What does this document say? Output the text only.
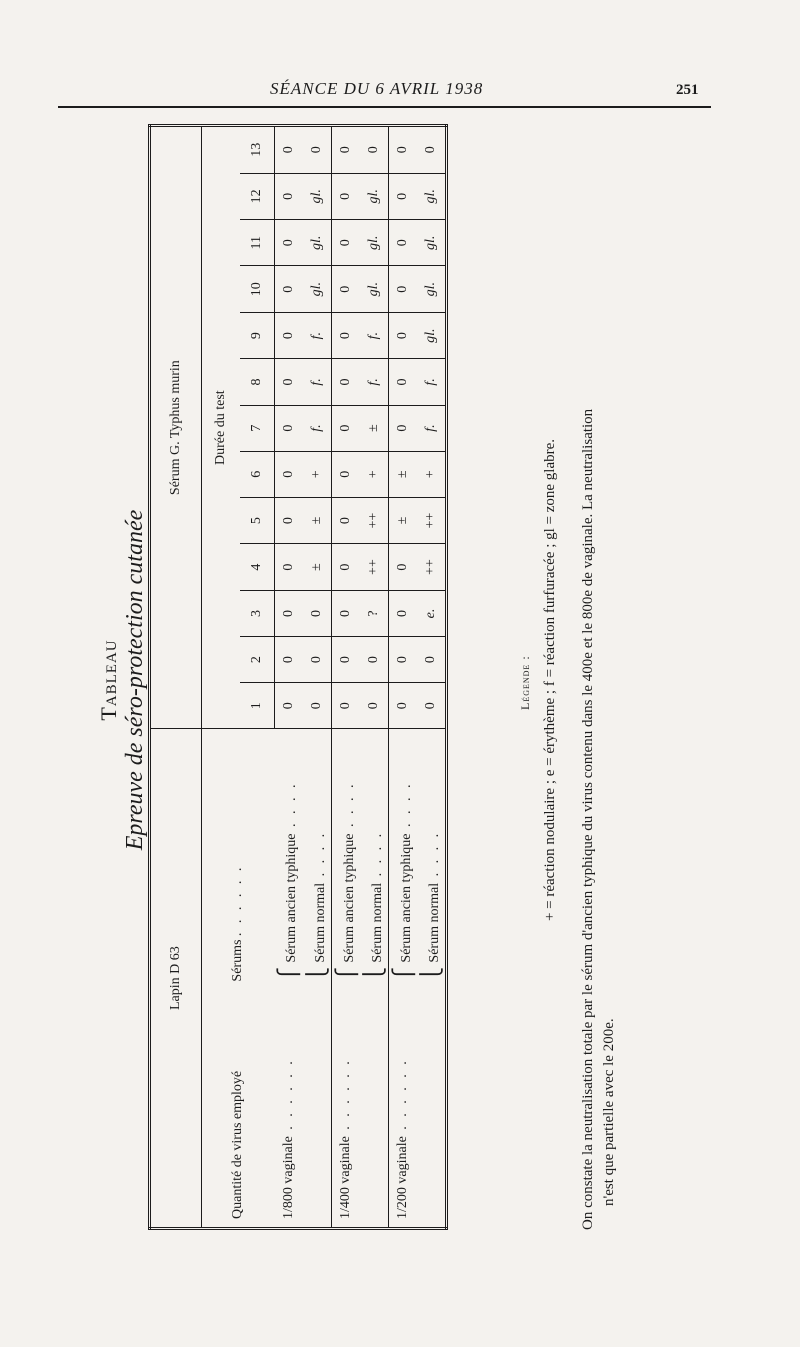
SÉANCE DU 6 AVRIL 1938	251
Tableau Epreuve de séro-protection cutanée
Lapin D 63		Sérum G. Typhus murin												
Quantité de virus employé	Sérums . . . . . .	Durée du test												
		1	2	3	4	5	6	7	8	9	10	11	12	13
1/800 vaginale . . . . . .	⎧Sérum ancien typhique . . . .	0	0	0	0	0	0	0	0	0	0	0	0	0
	⎩Sérum normal . . . .	0	0	0	±	±	+	f.	f.	f.	gl.	gl.	gl.	0
1/400 vaginale . . . . . .	⎧Sérum ancien typhique . . . .	0	0	0	0	0	0	0	0	0	0	0	0	0
	⎩Sérum normal . . . .	0	0	?	++	++	+	±	f.	f.	gl.	gl.	gl.	0
1/200 vaginale . . . . . .	⎧Sérum ancien typhique . . . .	0	0	0	0	±	±	0	0	0	0	0	0	0
	⎩Sérum normal . . . .	0	0	e.	++	++	+	f.	f.	gl.	gl.	gl.	gl.	0
Légende : + = réaction nodulaire ; e = érythème ; f = réaction furfuracée ; gl = zone glabre. On constate la neutralisation totale par le sérum d'ancien typhique du virus contenu dans le 400e et le 800e de vaginale. La neutralisation n'est que partielle avec le 200e.
